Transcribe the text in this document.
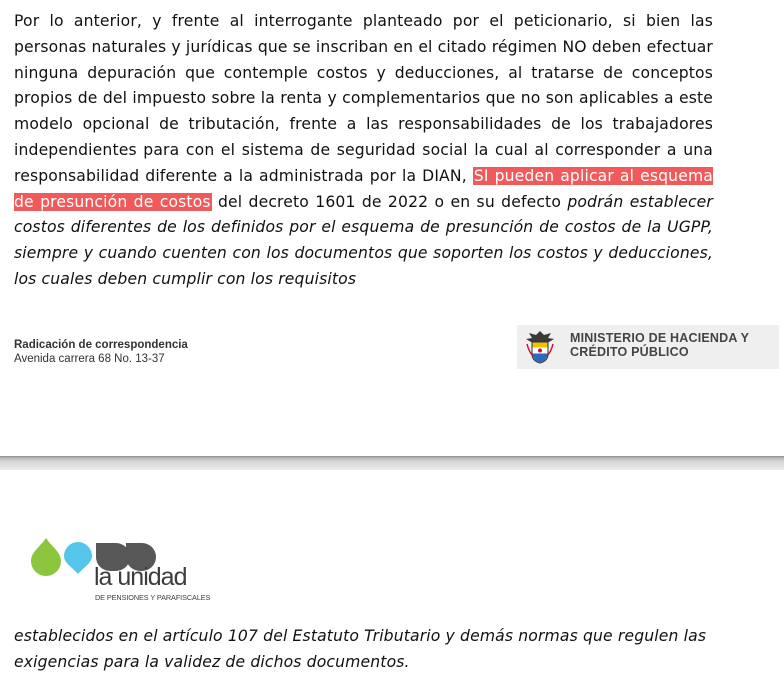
Por lo anterior, y frente al interrogante planteado por el peticionario, si bien las personas naturales y jurídicas que se inscriban en el citado régimen NO deben efectuar ninguna depuración que contemple costos y deducciones, al tratarse de conceptos propios de del impuesto sobre la renta y complementarios que no son aplicables a este modelo opcional de tributación, frente a las responsabilidades de los trabajadores independientes para con el sistema de seguridad social la cual al corresponder a una responsabilidad diferente a la administrada por la DIAN, SI pueden aplicar al esquema de presunción de costos del decreto 1601 de 2022 o en su defecto podrán establecer costos diferentes de los definidos por el esquema de presunción de costos de la UGPP, siempre y cuando cuenten con los documentos que soporten los costos y deducciones, los cuales deben cumplir con los requisitos

Radicación de correspondencia
Avenida carrera 68 No. 13-37
MINISTERIO DE HACIENDA Y
CRÉDITO PÚBLICO
la unidad
DE PENSIONES Y PARAFISCALES

establecidos en el artículo 107 del Estatuto Tributario y demás normas que regulen las exigencias para la validez de dichos documentos.
